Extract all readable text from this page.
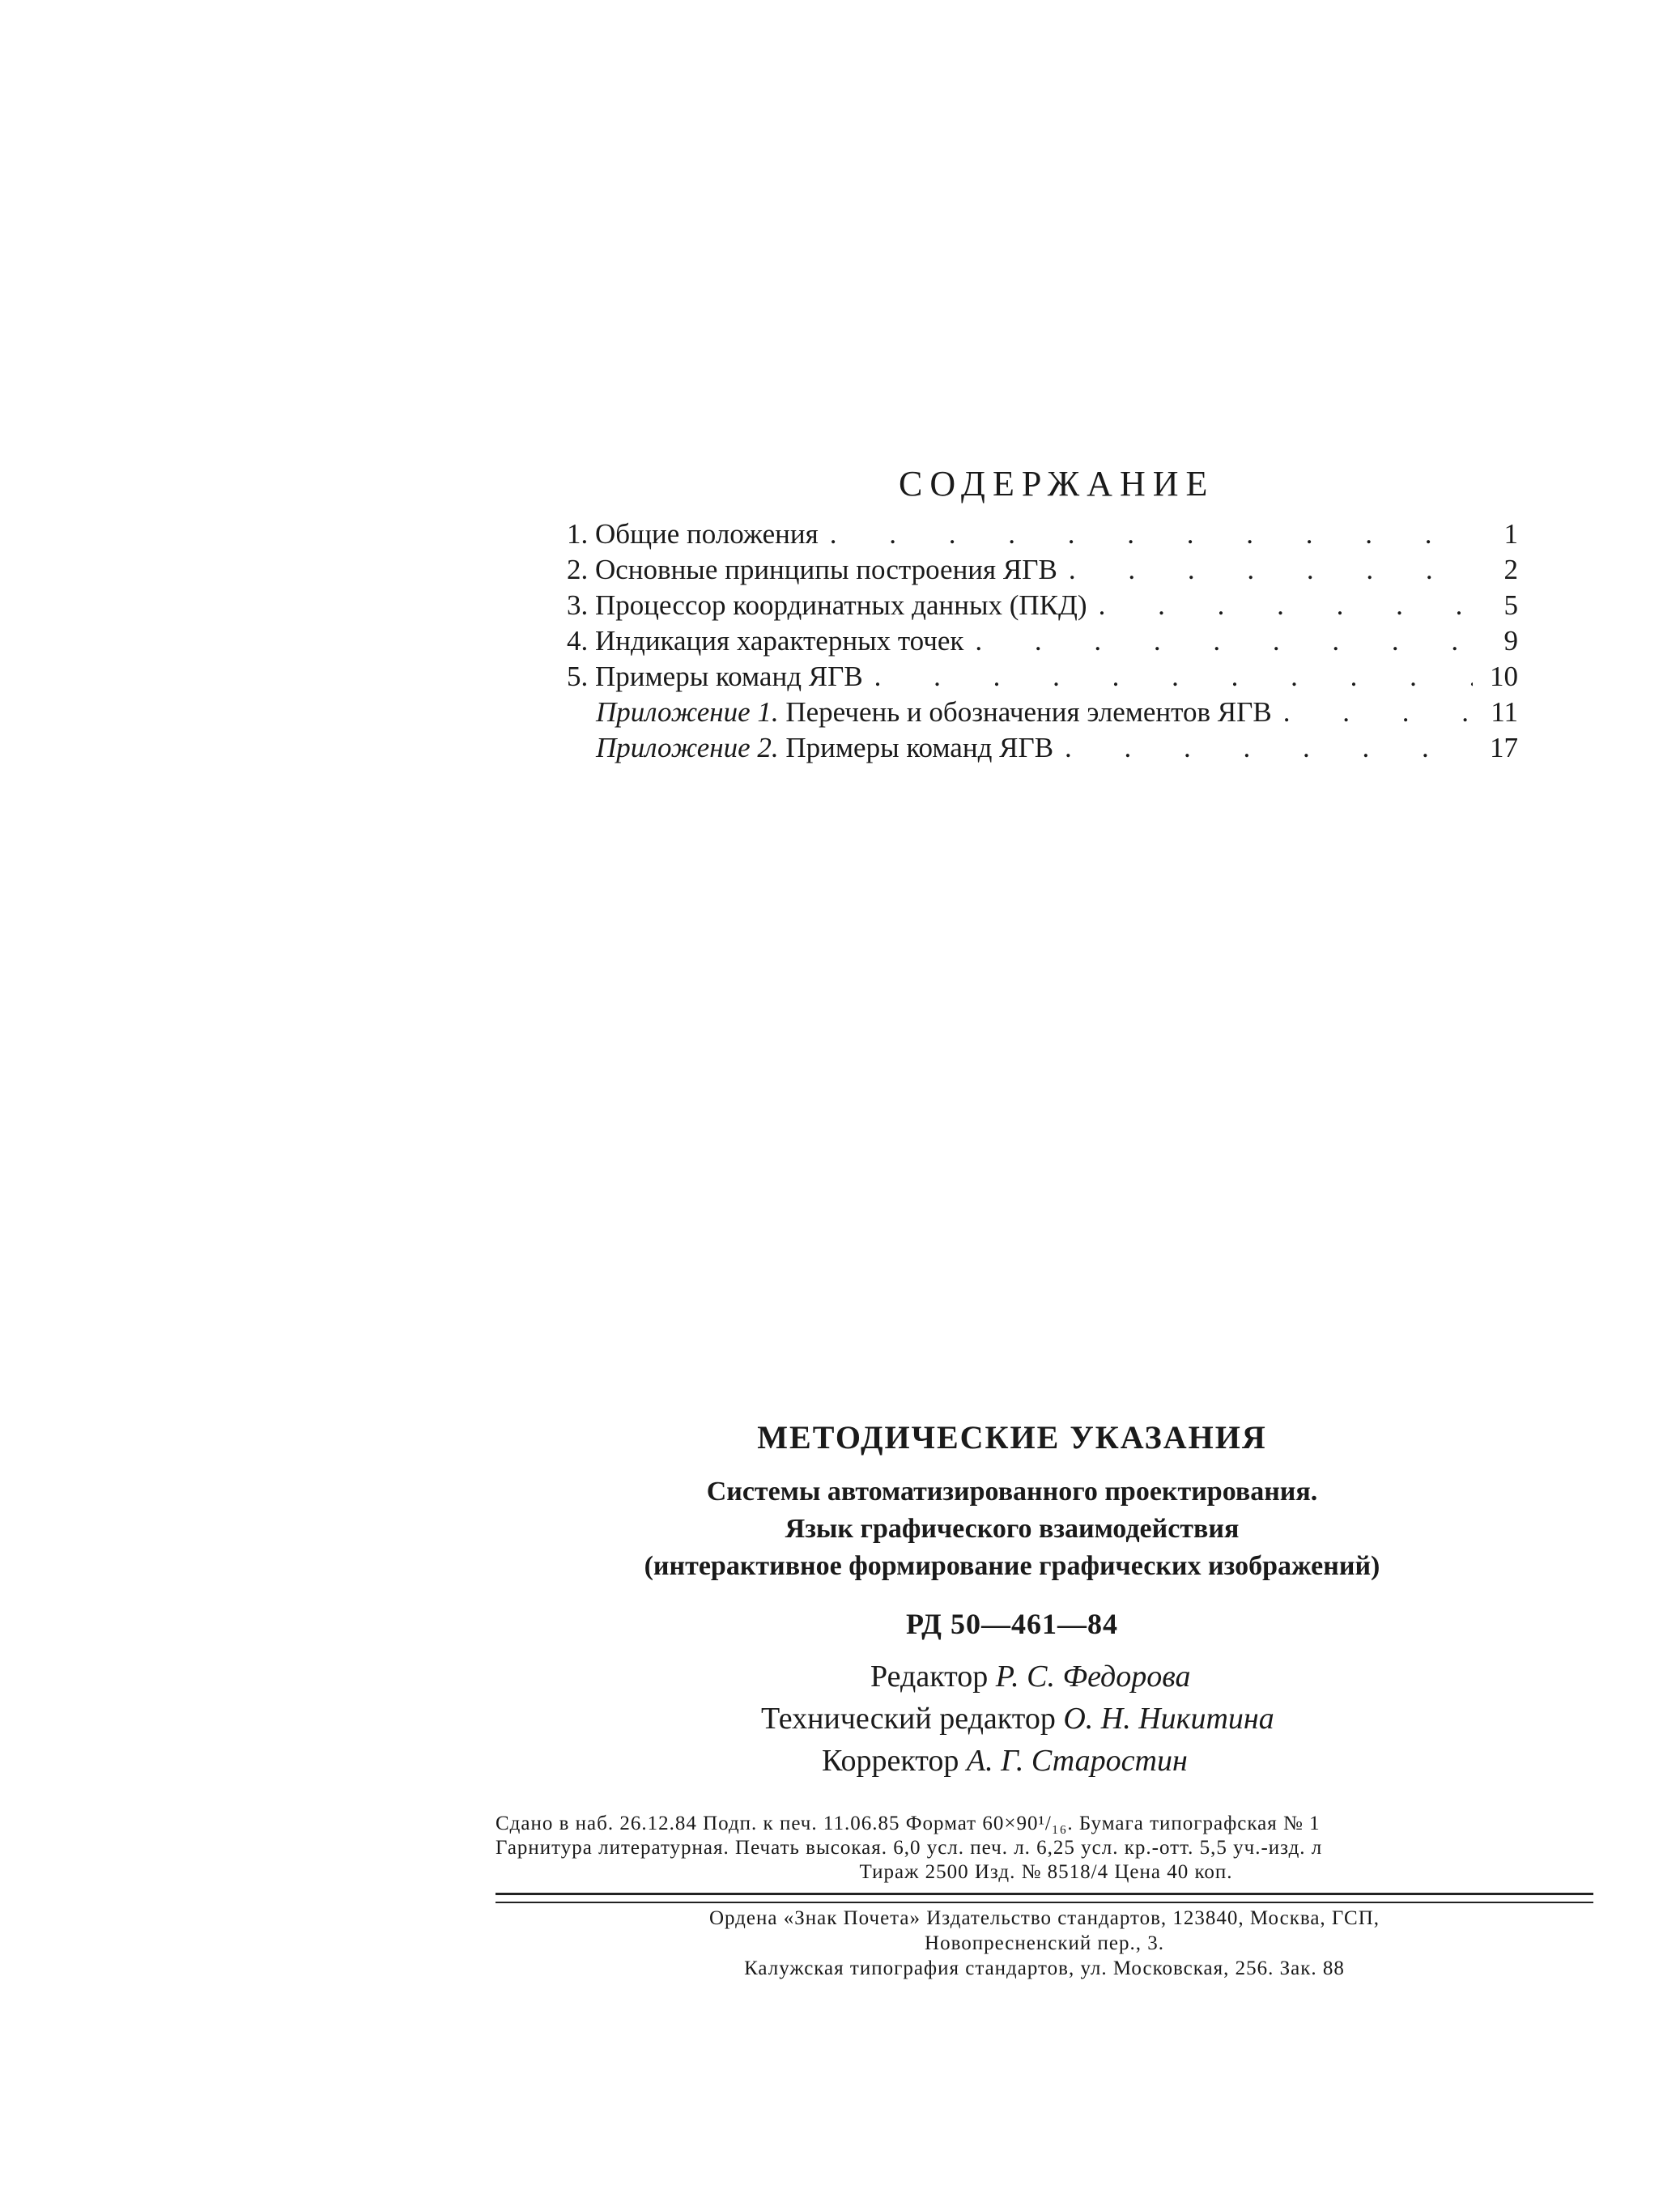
СОДЕРЖАНИЕ
1. Общие положения . . .	1
2. Основные принципы построения ЯГВ . . .	2
3. Процессор координатных данных (ПКД) . . .	5
4. Индикация характерных точек . . .	9
5. Примеры команд ЯГВ . . .	10
Приложение 1. Перечень и обозначения элементов ЯГВ . . .	11
Приложение 2. Примеры команд ЯГВ . . .	17
МЕТОДИЧЕСКИЕ УКАЗАНИЯ
Системы автоматизированного проектирования.
Язык графического взаимодействия
(интерактивное формирование графических изображений)
РД 50—461—84
Редактор Р. С. Федорова
Технический редактор О. Н. Никитина
Корректор А. Г. Старостин
Сдано в наб. 26.12.84 Подп. к печ. 11.06.85 Формат 60×90¹/₁₆. Бумага типографская № 1
Гарнитура литературная. Печать высокая. 6,0 усл. печ. л. 6,25 усл. кр.-отт. 5,5 уч.-изд. л
Тираж 2500 Изд. № 8518/4 Цена 40 коп.
Ордена «Знак Почета» Издательство стандартов, 123840, Москва, ГСП,
Новопресненский пер., 3.
Калужская типография стандартов, ул. Московская, 256. Зак. 88
